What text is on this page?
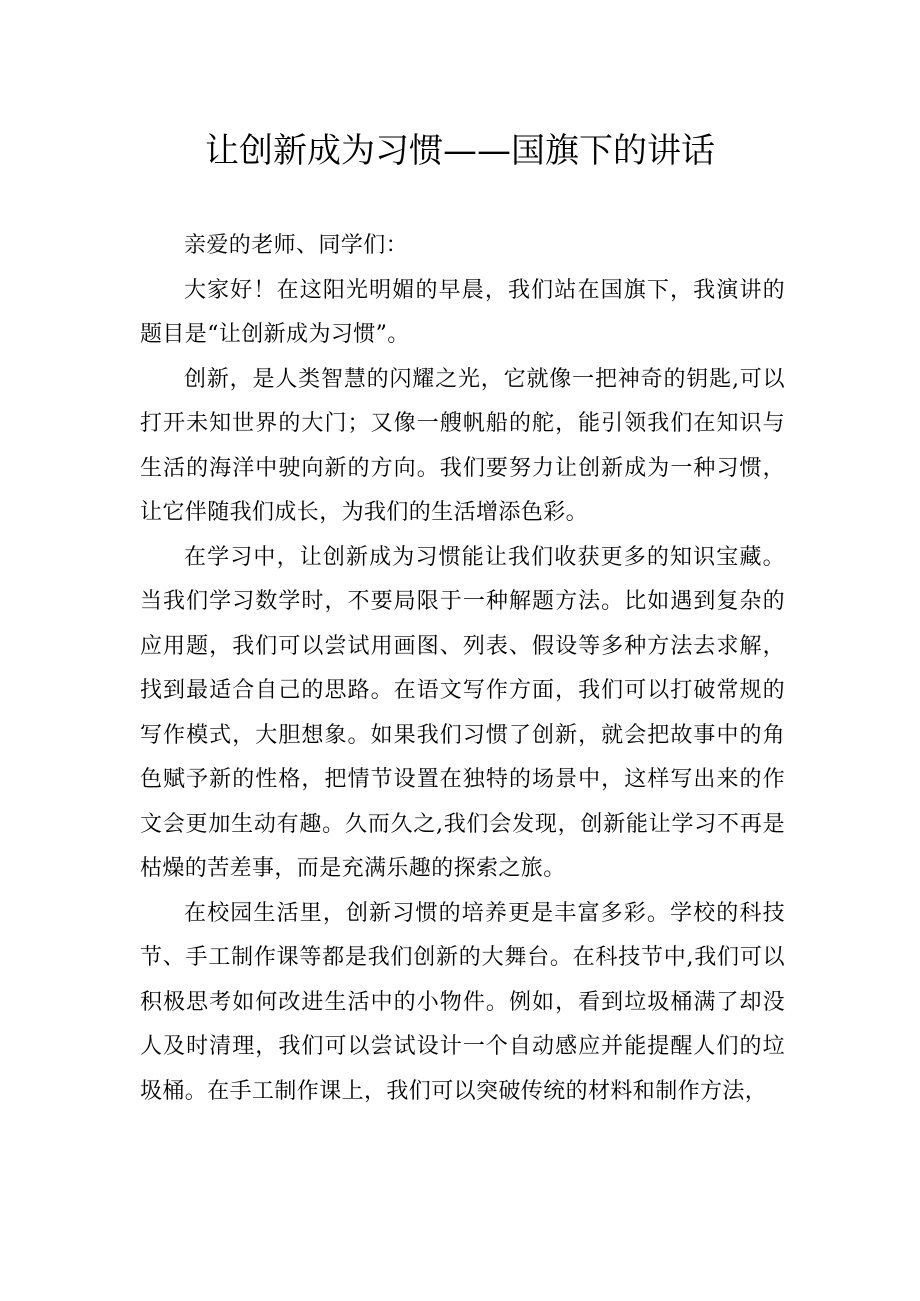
让创新成为习惯——国旗下的讲话

亲爱的老师、同学们：

大家好！在这阳光明媚的早晨，我们站在国旗下，我演讲的题目是“让创新成为习惯”。

创新，是人类智慧的闪耀之光，它就像一把神奇的钥匙,可以打开未知世界的大门；又像一艘帆船的舵，能引领我们在知识与生活的海洋中驶向新的方向。我们要努力让创新成为一种习惯，让它伴随我们成长，为我们的生活增添色彩。

在学习中，让创新成为习惯能让我们收获更多的知识宝藏。当我们学习数学时，不要局限于一种解题方法。比如遇到复杂的应用题，我们可以尝试用画图、列表、假设等多种方法去求解，找到最适合自己的思路。在语文写作方面，我们可以打破常规的写作模式，大胆想象。如果我们习惯了创新，就会把故事中的角色赋予新的性格，把情节设置在独特的场景中，这样写出来的作文会更加生动有趣。久而久之,我们会发现，创新能让学习不再是枯燥的苦差事，而是充满乐趣的探索之旅。

在校园生活里，创新习惯的培养更是丰富多彩。学校的科技节、手工制作课等都是我们创新的大舞台。在科技节中,我们可以积极思考如何改进生活中的小物件。例如，看到垃圾桶满了却没人及时清理，我们可以尝试设计一个自动感应并能提醒人们的垃圾桶。在手工制作课上，我们可以突破传统的材料和制作方法，
